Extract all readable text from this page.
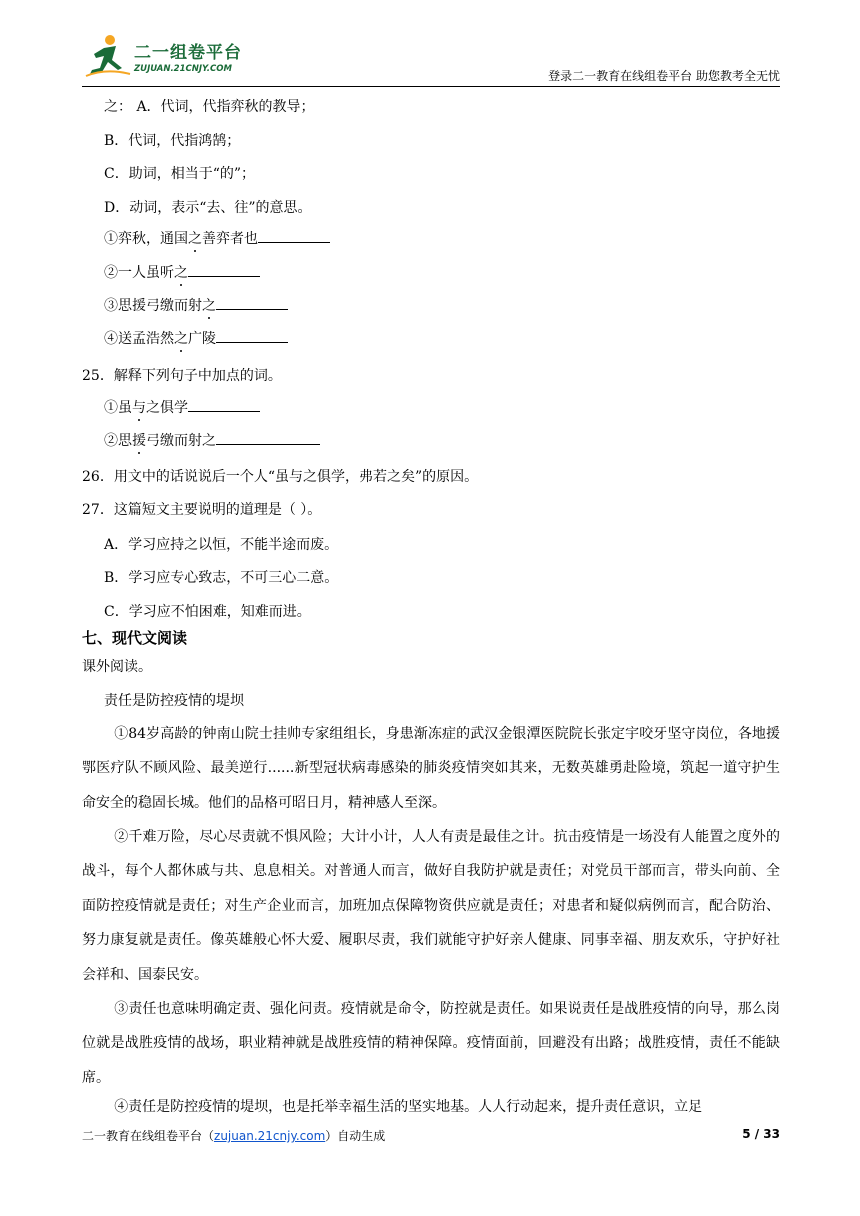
二一组卷平台
ZUJUAN.21CNJY.COM	登录二一教育在线组卷平台 助您教考全无忧
之： A．代词，代指弈秋的教导；
B．代词，代指鸿鹄；
C．助词，相当于“的”；
D．动词，表示“去、往”的意思。
①弈秋，通国之善弈者也
②一人虽听之
③思援弓缴而射之
④送孟浩然之广陵
25．解释下列句子中加点的词。
①虽与之俱学
②思援弓缴而射之
26．用文中的话说说后一个人“虽与之俱学，弗若之矣”的原因。
27．这篇短文主要说明的道理是（ ）。
A．学习应持之以恒，不能半途而废。
B．学习应专心致志，不可三心二意。
C．学习应不怕困难，知难而进。
七、现代文阅读
课外阅读。
责任是防控疫情的堤坝
①84岁高龄的钟南山院士挂帅专家组组长，身患渐冻症的武汉金银潭医院院长张定宇咬牙坚守岗位，各地援鄂医疗队不顾风险、最美逆行......新型冠状病毒感染的肺炎疫情突如其来，无数英雄勇赴险境，筑起一道守护生命安全的稳固长城。他们的品格可昭日月，精神感人至深。
②千难万险，尽心尽责就不惧风险；大计小计，人人有责是最佳之计。抗击疫情是一场没有人能置之度外的战斗，每个人都休戚与共、息息相关。对普通人而言，做好自我防护就是责任；对党员干部而言，带头向前、全面防控疫情就是责任；对生产企业而言，加班加点保障物资供应就是责任；对患者和疑似病例而言，配合防治、努力康复就是责任。像英雄般心怀大爱、履职尽责，我们就能守护好亲人健康、同事幸福、朋友欢乐，守护好社会祥和、国泰民安。
③责任也意味明确定责、强化问责。疫情就是命令，防控就是责任。如果说责任是战胜疫情的向导，那么岗位就是战胜疫情的战场，职业精神就是战胜疫情的精神保障。疫情面前，回避没有出路；战胜疫情，责任不能缺席。
④责任是防控疫情的堤坝，也是托举幸福生活的坚实地基。人人行动起来，提升责任意识，立足
二一教育在线组卷平台（zujuan.21cnjy.com）自动生成	5 / 33
